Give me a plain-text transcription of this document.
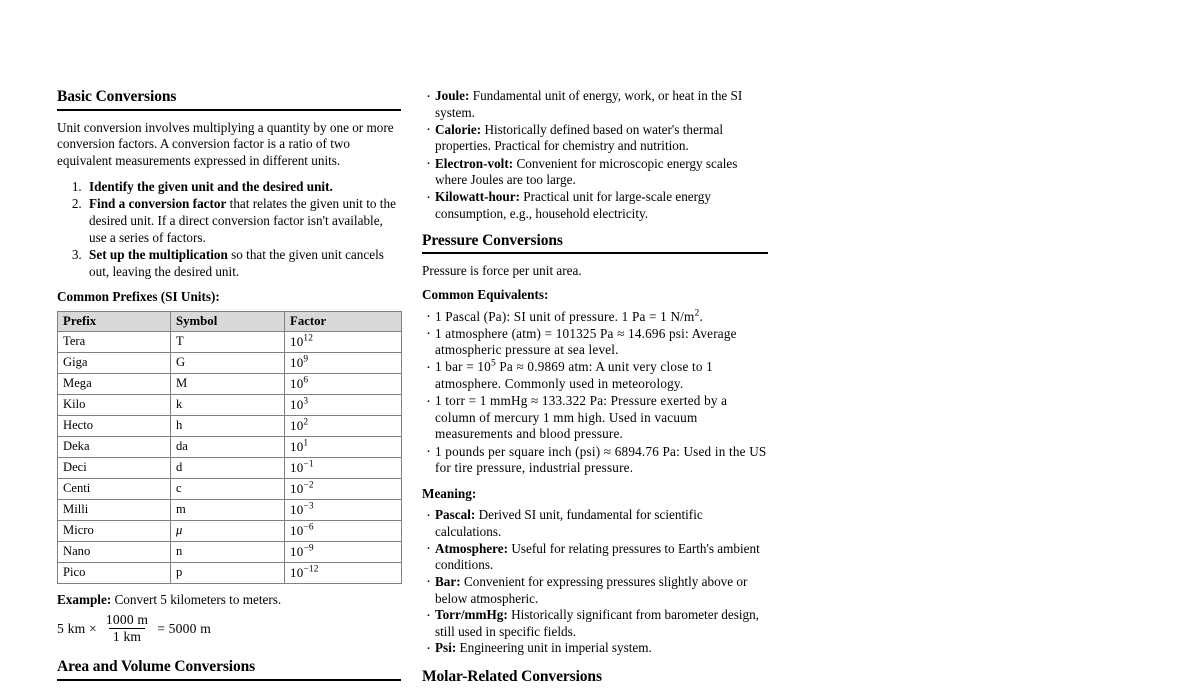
Basic Conversions

Unit conversion involves multiplying a quantity by one or more conversion factors. A conversion factor is a ratio of two equivalent measurements expressed in different units.

1. Identify the given unit and the desired unit.
2. Find a conversion factor that relates the given unit to the desired unit. If a direct conversion factor isn't available, use a series of factors.
3. Set up the multiplication so that the given unit cancels out, leaving the desired unit.

Common Prefixes (SI Units):

Prefix	Symbol	Factor
Tera	T	$10^{12}$
Giga	G	$10^9$
Mega	M	$10^6$
Kilo	k	$10^3$
Hecto	h	$10^2$
Deka	da	$10^1$
Deci	d	$10^{-1}$
Centi	c	$10^{-2}$
Milli	m	$10^{-3}$
Micro	μ	$10^{-6}$
Nano	n	$10^{-9}$
Pico	p	$10^{-12}$

Example: Convert 5 kilometers to meters.

5 km × $\frac{1000 m}{1 km} = 5000$ m
Area and Volume Conversions
· Joule: Fundamental unit of energy, work, or heat in the SI system.
· Calorie: Historically defined based on water's thermal properties. Practical for chemistry and nutrition.
· Electron-volt: Convenient for microscopic energy scales where Joules are too large.
· Kilowatt-hour: Practical unit for large-scale energy consumption, e.g., household electricity.
Pressure Conversions

Pressure is force per unit area.

Common Equivalents:

· 1 Pascal (Pa): SI unit of pressure. 1 Pa = 1 $N/m^2$.
· 1 atmosphere (atm) = 101325 Pa ≈ 14.696 psi: Average atmospheric pressure at sea level.
· 1 bar = $10^5$ Pa ≈ 0.9869 atm: A unit very close to 1 atmosphere. Commonly used in meteorology.
· 1 torr = 1 mmHg ≈ 133.322 Pa: Pressure exerted by a column of mercury 1 mm high. Used in vacuum measurements and blood pressure.
· 1 pounds per square inch (psi) ≈ 6894.76 Pa: Used in the US for tire pressure, industrial pressure.

Meaning:

· Pascal: Derived SI unit, fundamental for scientific calculations.
· Atmosphere: Useful for relating pressures to Earth's ambient conditions.
· Bar: Convenient for expressing pressures slightly above or below atmospheric.
· Torr/mmHg: Historically significant from barometer design, still used in specific fields.
· Psi: Engineering unit in imperial system.
Molar-Related Conversions
